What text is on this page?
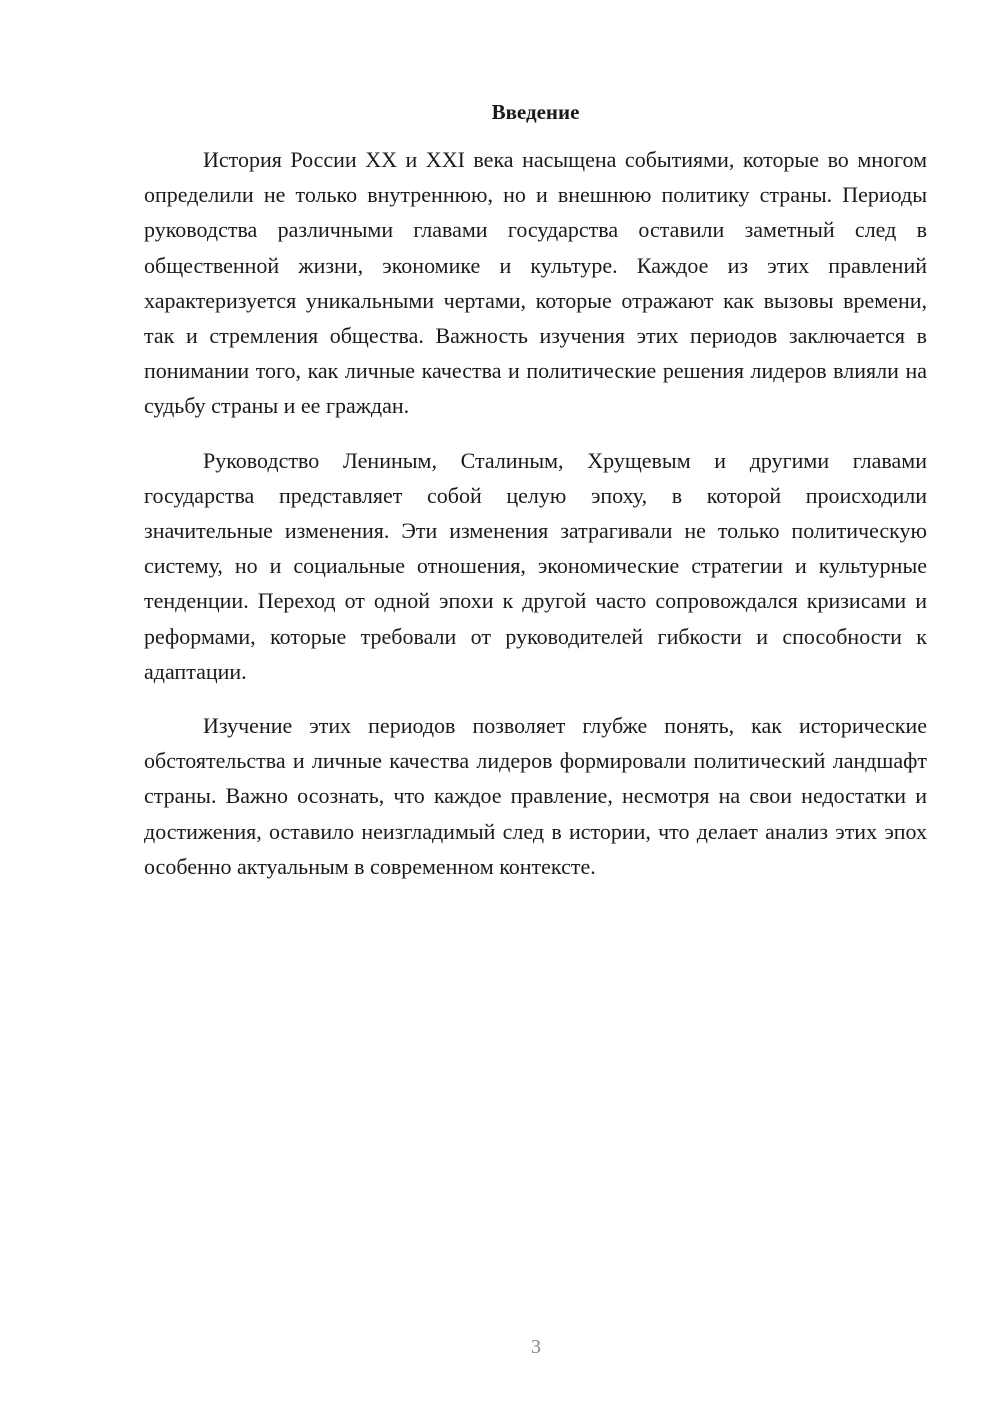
Введение

История России XX и XXI века насыщена событиями, которые во многом определили не только внутреннюю, но и внешнюю политику страны. Периоды руководства различными главами государства оставили заметный след в общественной жизни, экономике и культуре. Каждое из этих правлений характеризуется уникальными чертами, которые отражают как вызовы времени, так и стремления общества. Важность изучения этих периодов заключается в понимании того, как личные качества и политические решения лидеров влияли на судьбу страны и ее граждан.

Руководство Лениным, Сталиным, Хрущевым и другими главами государства представляет собой целую эпоху, в которой происходили значительные изменения. Эти изменения затрагивали не только политическую систему, но и социальные отношения, экономические стратегии и культурные тенденции. Переход от одной эпохи к другой часто сопровождался кризисами и реформами, которые требовали от руководителей гибкости и способности к адаптации.

Изучение этих периодов позволяет глубже понять, как исторические обстоятельства и личные качества лидеров формировали политический ландшафт страны. Важно осознать, что каждое правление, несмотря на свои недостатки и достижения, оставило неизгладимый след в истории, что делает анализ этих эпох особенно актуальным в современном контексте.

3
